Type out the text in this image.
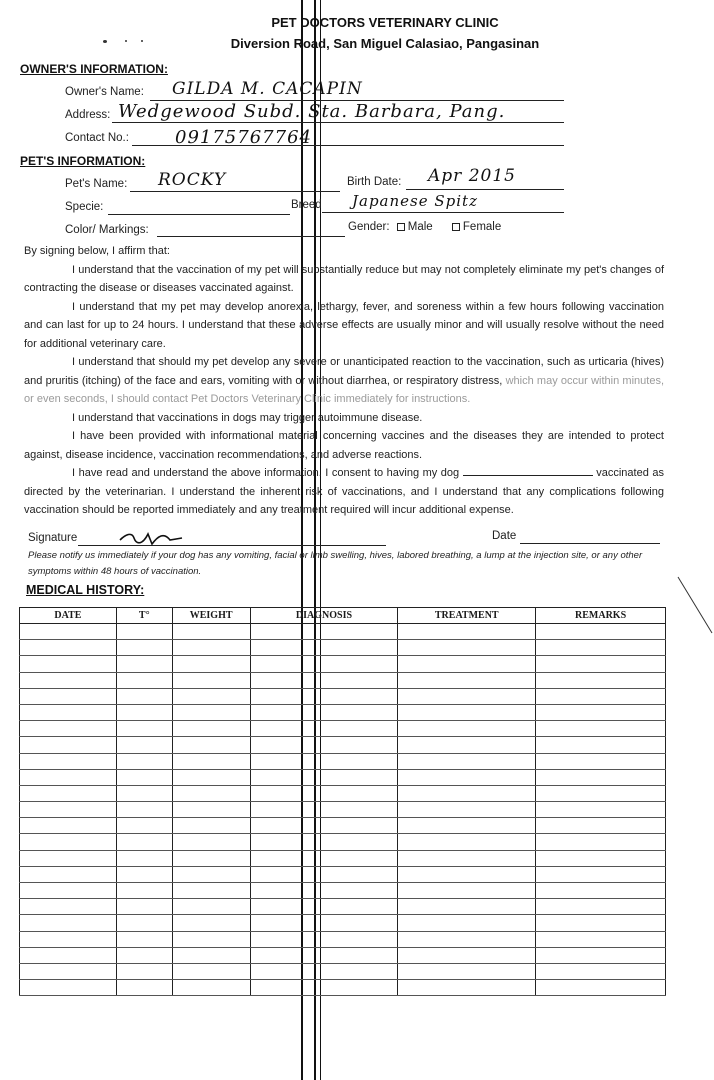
PET DOCTORS VETERINARY CLINIC
Diversion Road, San Miguel Calasiao, Pangasinan
OWNER'S INFORMATION:
Owner's Name: GILDA M. CACAPIN
Address: Wedgewood Subd. Sta. Barbara, Pang.
Contact No.:	09175767764
PET'S INFORMATION:
Pet's Name: ROCKY	Birth Date: Apr 2015
Specie:	Breed Japanese Spitz
Color/ Markings:	Gender: Male	Female

By signing below, I affirm that:

I understand that the vaccination of my pet will substantially reduce but may not completely eliminate my pet's changes of contracting the disease or diseases vaccinated against.

I understand that my pet may develop anorexia, lethargy, fever, and soreness within a few hours following vaccination and can last for up to 24 hours. I understand that these adverse effects are usually minor and will usually resolve without the need for additional veterinary care.

I understand that should my pet develop any severe or unanticipated reaction to the vaccination, such as urticaria (hives) and pruritis (itching) of the face and ears, vomiting with or without diarrhea, or respiratory distress, which may occur within minutes, or even seconds, I should contact Pet Doctors Veterinary Clinic immediately for instructions.

I understand that vaccinations in dogs may trigger autoimmune disease.

I have been provided with informational material concerning vaccines and the diseases they are intended to protect against, disease incidence, vaccination recommendations, and adverse reactions.

I have read and understand the above information. I consent to having my dog	vaccinated as directed by the veterinarian. I understand the inherent risk of vaccinations, and I understand that any complications following vaccination should be reported immediately and any treatment required will incur additional expense.

Signature	Date
Please notify us immediately if your dog has any vomiting, facial or limb swelling, hives, labored breathing, a lump at the injection site, or any other symptoms within 48 hours of vaccination.
MEDICAL HISTORY:
DATE	T°	WEIGHT	DIAGNOSIS	TREATMENT	REMARKS
